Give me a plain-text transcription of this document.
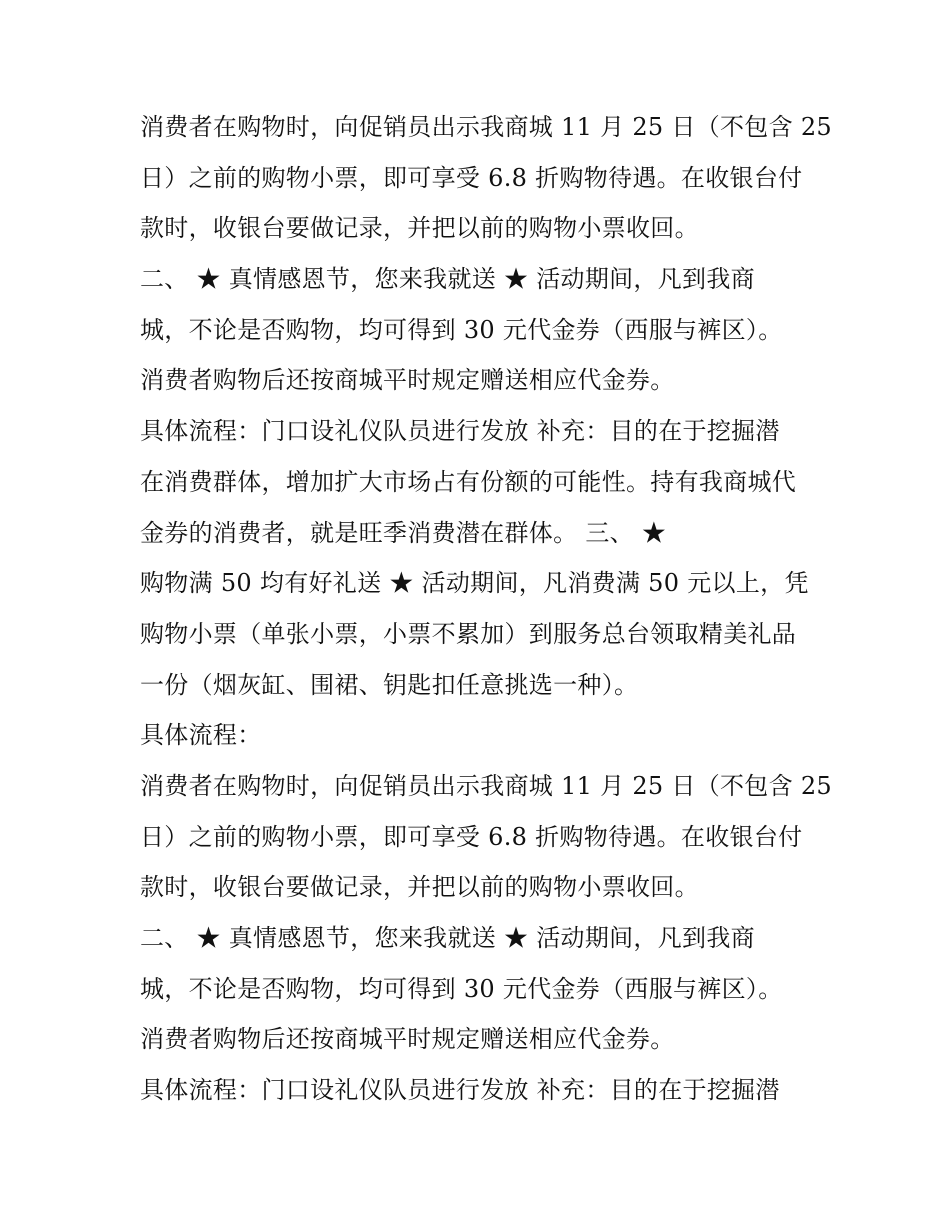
消费者在购物时，向促销员出示我商城 11 月 25 日（不包含 25
日）之前的购物小票，即可享受 6.8 折购物待遇。在收银台付
款时，收银台要做记录，并把以前的购物小票收回。
二、 ★ 真情感恩节，您来我就送 ★ 活动期间，凡到我商
城，不论是否购物，均可得到 30 元代金券（西服与裤区）。
消费者购物后还按商城平时规定赠送相应代金券。
具体流程：门口设礼仪队员进行发放 补充：目的在于挖掘潜
在消费群体，增加扩大市场占有份额的可能性。持有我商城代
金券的消费者，就是旺季消费潜在群体。 三、 ★
购物满 50 均有好礼送 ★ 活动期间，凡消费满 50 元以上，凭
购物小票（单张小票，小票不累加）到服务总台领取精美礼品
一份（烟灰缸、围裙、钥匙扣任意挑选一种）。
具体流程：
消费者在购物时，向促销员出示我商城 11 月 25 日（不包含 25
日）之前的购物小票，即可享受 6.8 折购物待遇。在收银台付
款时，收银台要做记录，并把以前的购物小票收回。
二、 ★ 真情感恩节，您来我就送 ★ 活动期间，凡到我商
城，不论是否购物，均可得到 30 元代金券（西服与裤区）。
消费者购物后还按商城平时规定赠送相应代金券。
具体流程：门口设礼仪队员进行发放 补充：目的在于挖掘潜
